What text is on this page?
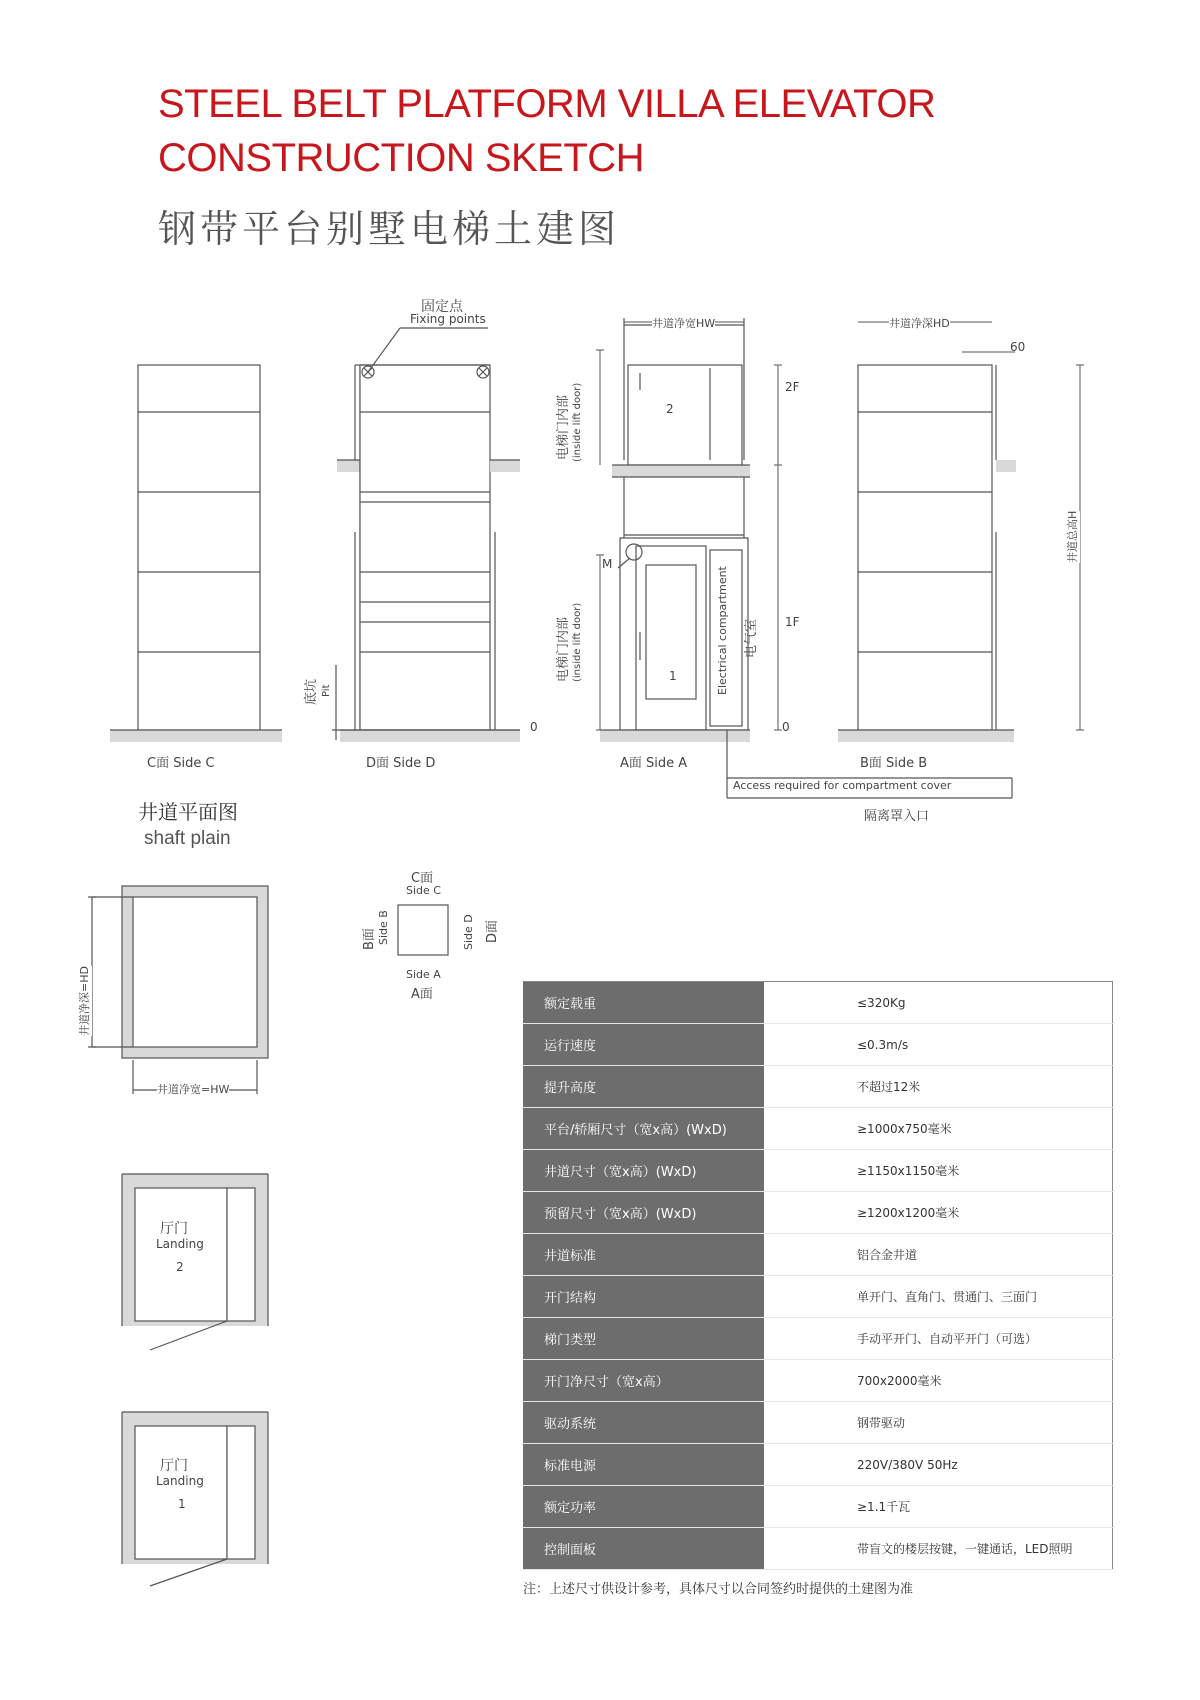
STEEL BELT PLATFORM VILLA ELEVATOR
CONSTRUCTION SKETCH
钢带平台别墅电梯土建图
固定点
Fixing points	井道净宽HW	井道净深HD
60
2F
1F
0	0
2
1
电梯门内部 (inside lift door)
电梯门内部 (inside lift door)
底坑 Pit
M
Electrical compartment	电气室
井道总高H
C面 Side C	D面 Side D	A面 Side A	B面 Side B
Access required for compartment cover
隔离罩入口
井道平面图
shaft plain
井道净深=HD
井道净宽=HW
C面
Side C
B面 Side B	Side D D面
Side A
A面
厅门
Landing
2
厅门
Landing
1
额定载重	≤320Kg
运行速度	≤0.3m/s
提升高度	不超过12米
平台/轿厢尺寸（宽x高）(WxD)	≥1000x750毫米
井道尺寸（宽x高）(WxD)	≥1150x1150毫米
预留尺寸（宽x高）(WxD)	≥1200x1200毫米
井道标准	铝合金井道
开门结构	单开门、直角门、贯通门、三面门
梯门类型	手动平开门、自动平开门（可选）
开门净尺寸（宽x高）	700x2000毫米
驱动系统	钢带驱动
标准电源	220V/380V 50Hz
额定功率	≥1.1千瓦
控制面板	带盲文的楼层按键，一键通话，LED照明
注：上述尺寸供设计参考，具体尺寸以合同签约时提供的土建图为准
